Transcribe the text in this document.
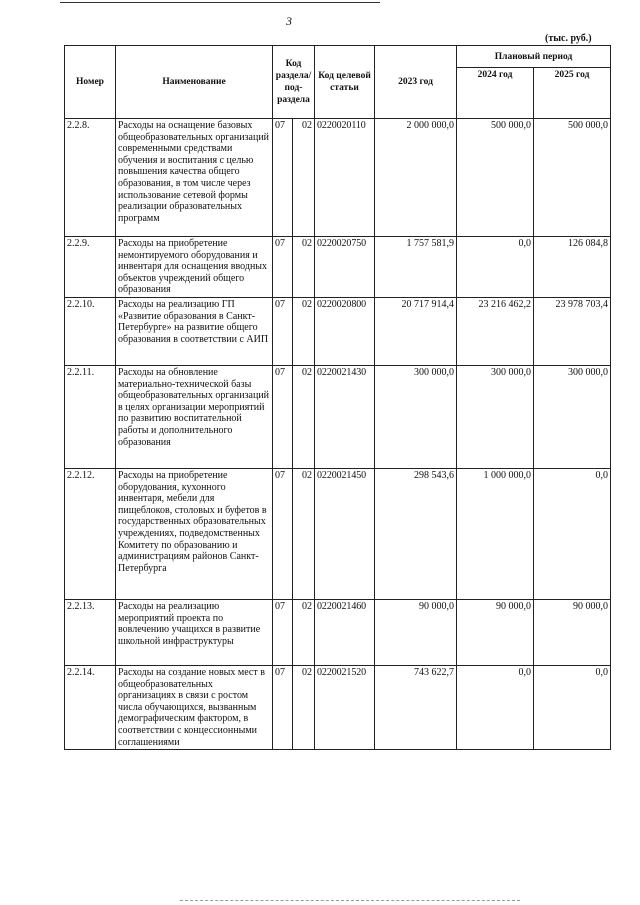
3
(тыс. руб.)
Номер	Наименование	Код раздела/ под-раздела		Код целевой статьи	2023 год	Плановый период	
						2024 год	2025 год
2.2.8.	Расходы на оснащение базовых общеобразовательных организаций современными средствами обучения и воспитания с целью повышения качества общего образования, в том числе через использование сетевой формы реализации образовательных программ	07	02	0220020110	2 000 000,0	500 000,0	500 000,0
2.2.9.	Расходы на приобретение немонтируемого оборудования и инвентаря для оснащения вводных объектов учреждений общего образования	07	02	0220020750	1 757 581,9	0,0	126 084,8
2.2.10.	Расходы на реализацию ГП «Развитие образования в Санкт-Петербурге» на развитие общего образования в соответствии с АИП	07	02	0220020800	20 717 914,4	23 216 462,2	23 978 703,4
2.2.11.	Расходы на обновление материально-технической базы общеобразовательных организаций в целях организации мероприятий по развитию воспитательной работы и дополнительного образования	07	02	0220021430	300 000,0	300 000,0	300 000,0
2.2.12.	Расходы на приобретение оборудования, кухонного инвентаря, мебели для пищеблоков, столовых и буфетов в государственных образовательных учреждениях, подведомственных Комитету по образованию и администрациям районов Санкт-Петербурга	07	02	0220021450	298 543,6	1 000 000,0	0,0
2.2.13.	Расходы на реализацию мероприятий проекта по вовлечению учащихся в развитие школьной инфраструктуры	07	02	0220021460	90 000,0	90 000,0	90 000,0
2.2.14.	Расходы на создание новых мест в общеобразовательных организациях в связи с ростом числа обучающихся, вызванным демографическим фактором, в соответствии с концессионными соглашениями	07	02	0220021520	743 622,7	0,0	0,0
